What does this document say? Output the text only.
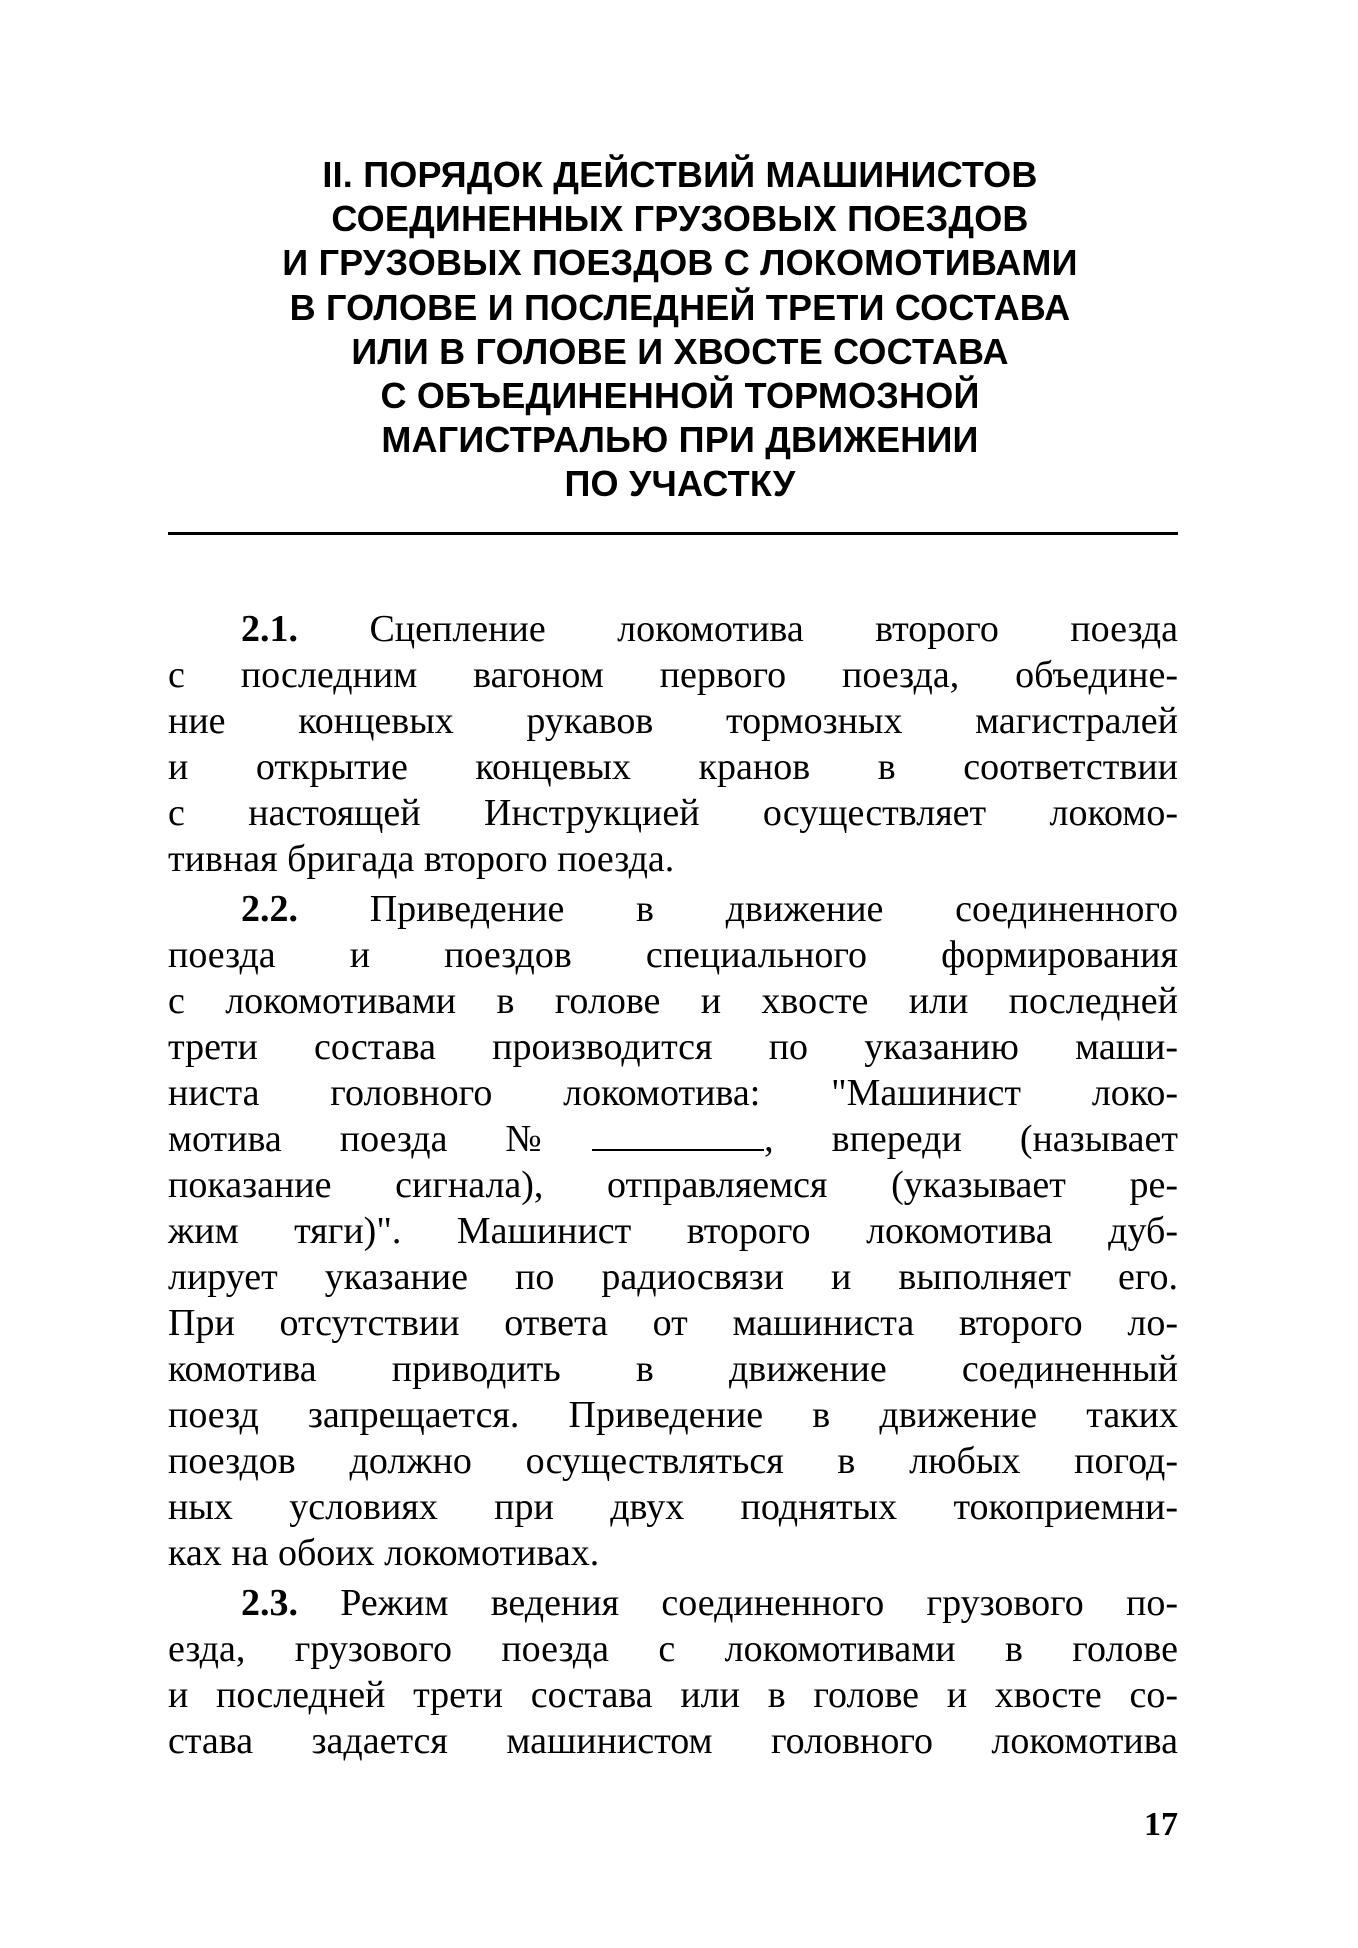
II. ПОРЯДОК ДЕЙСТВИЙ МАШИНИСТОВ
СОЕДИНЕННЫХ ГРУЗОВЫХ ПОЕЗДОВ
И ГРУЗОВЫХ ПОЕЗДОВ С ЛОКОМОТИВАМИ
В ГОЛОВЕ И ПОСЛЕДНЕЙ ТРЕТИ СОСТАВА
ИЛИ В ГОЛОВЕ И ХВОСТЕ СОСТАВА
С ОБЪЕДИНЕННОЙ ТОРМОЗНОЙ
МАГИСТРАЛЬЮ ПРИ ДВИЖЕНИИ
ПО УЧАСТКУ
2.1. Сцепление локомотива второго поезда
с последним вагоном первого поезда, объедине-
ние концевых рукавов тормозных магистралей
и открытие концевых кранов в соответствии
с настоящей Инструкцией осуществляет локомо-
тивная бригада второго поезда.
2.2. Приведение в движение соединенного
поезда и поездов специального формирования
с локомотивами в голове и хвосте или последней
трети состава производится по указанию маши-
ниста головного локомотива: "Машинист локо-
мотива поезда №	, впереди (называет
показание сигнала), отправляемся (указывает ре-
жим тяги)". Машинист второго локомотива дуб-
лирует указание по радиосвязи и выполняет его.
При отсутствии ответа от машиниста второго ло-
комотива приводить в движение соединенный
поезд запрещается. Приведение в движение таких
поездов должно осуществляться в любых погод-
ных условиях при двух поднятых токоприемни-
ках на обоих локомотивах.
2.3. Режим ведения соединенного грузового по-
езда, грузового поезда с локомотивами в голове
и последней трети состава или в голове и хвосте со-
става задается машинистом головного локомотива
17
